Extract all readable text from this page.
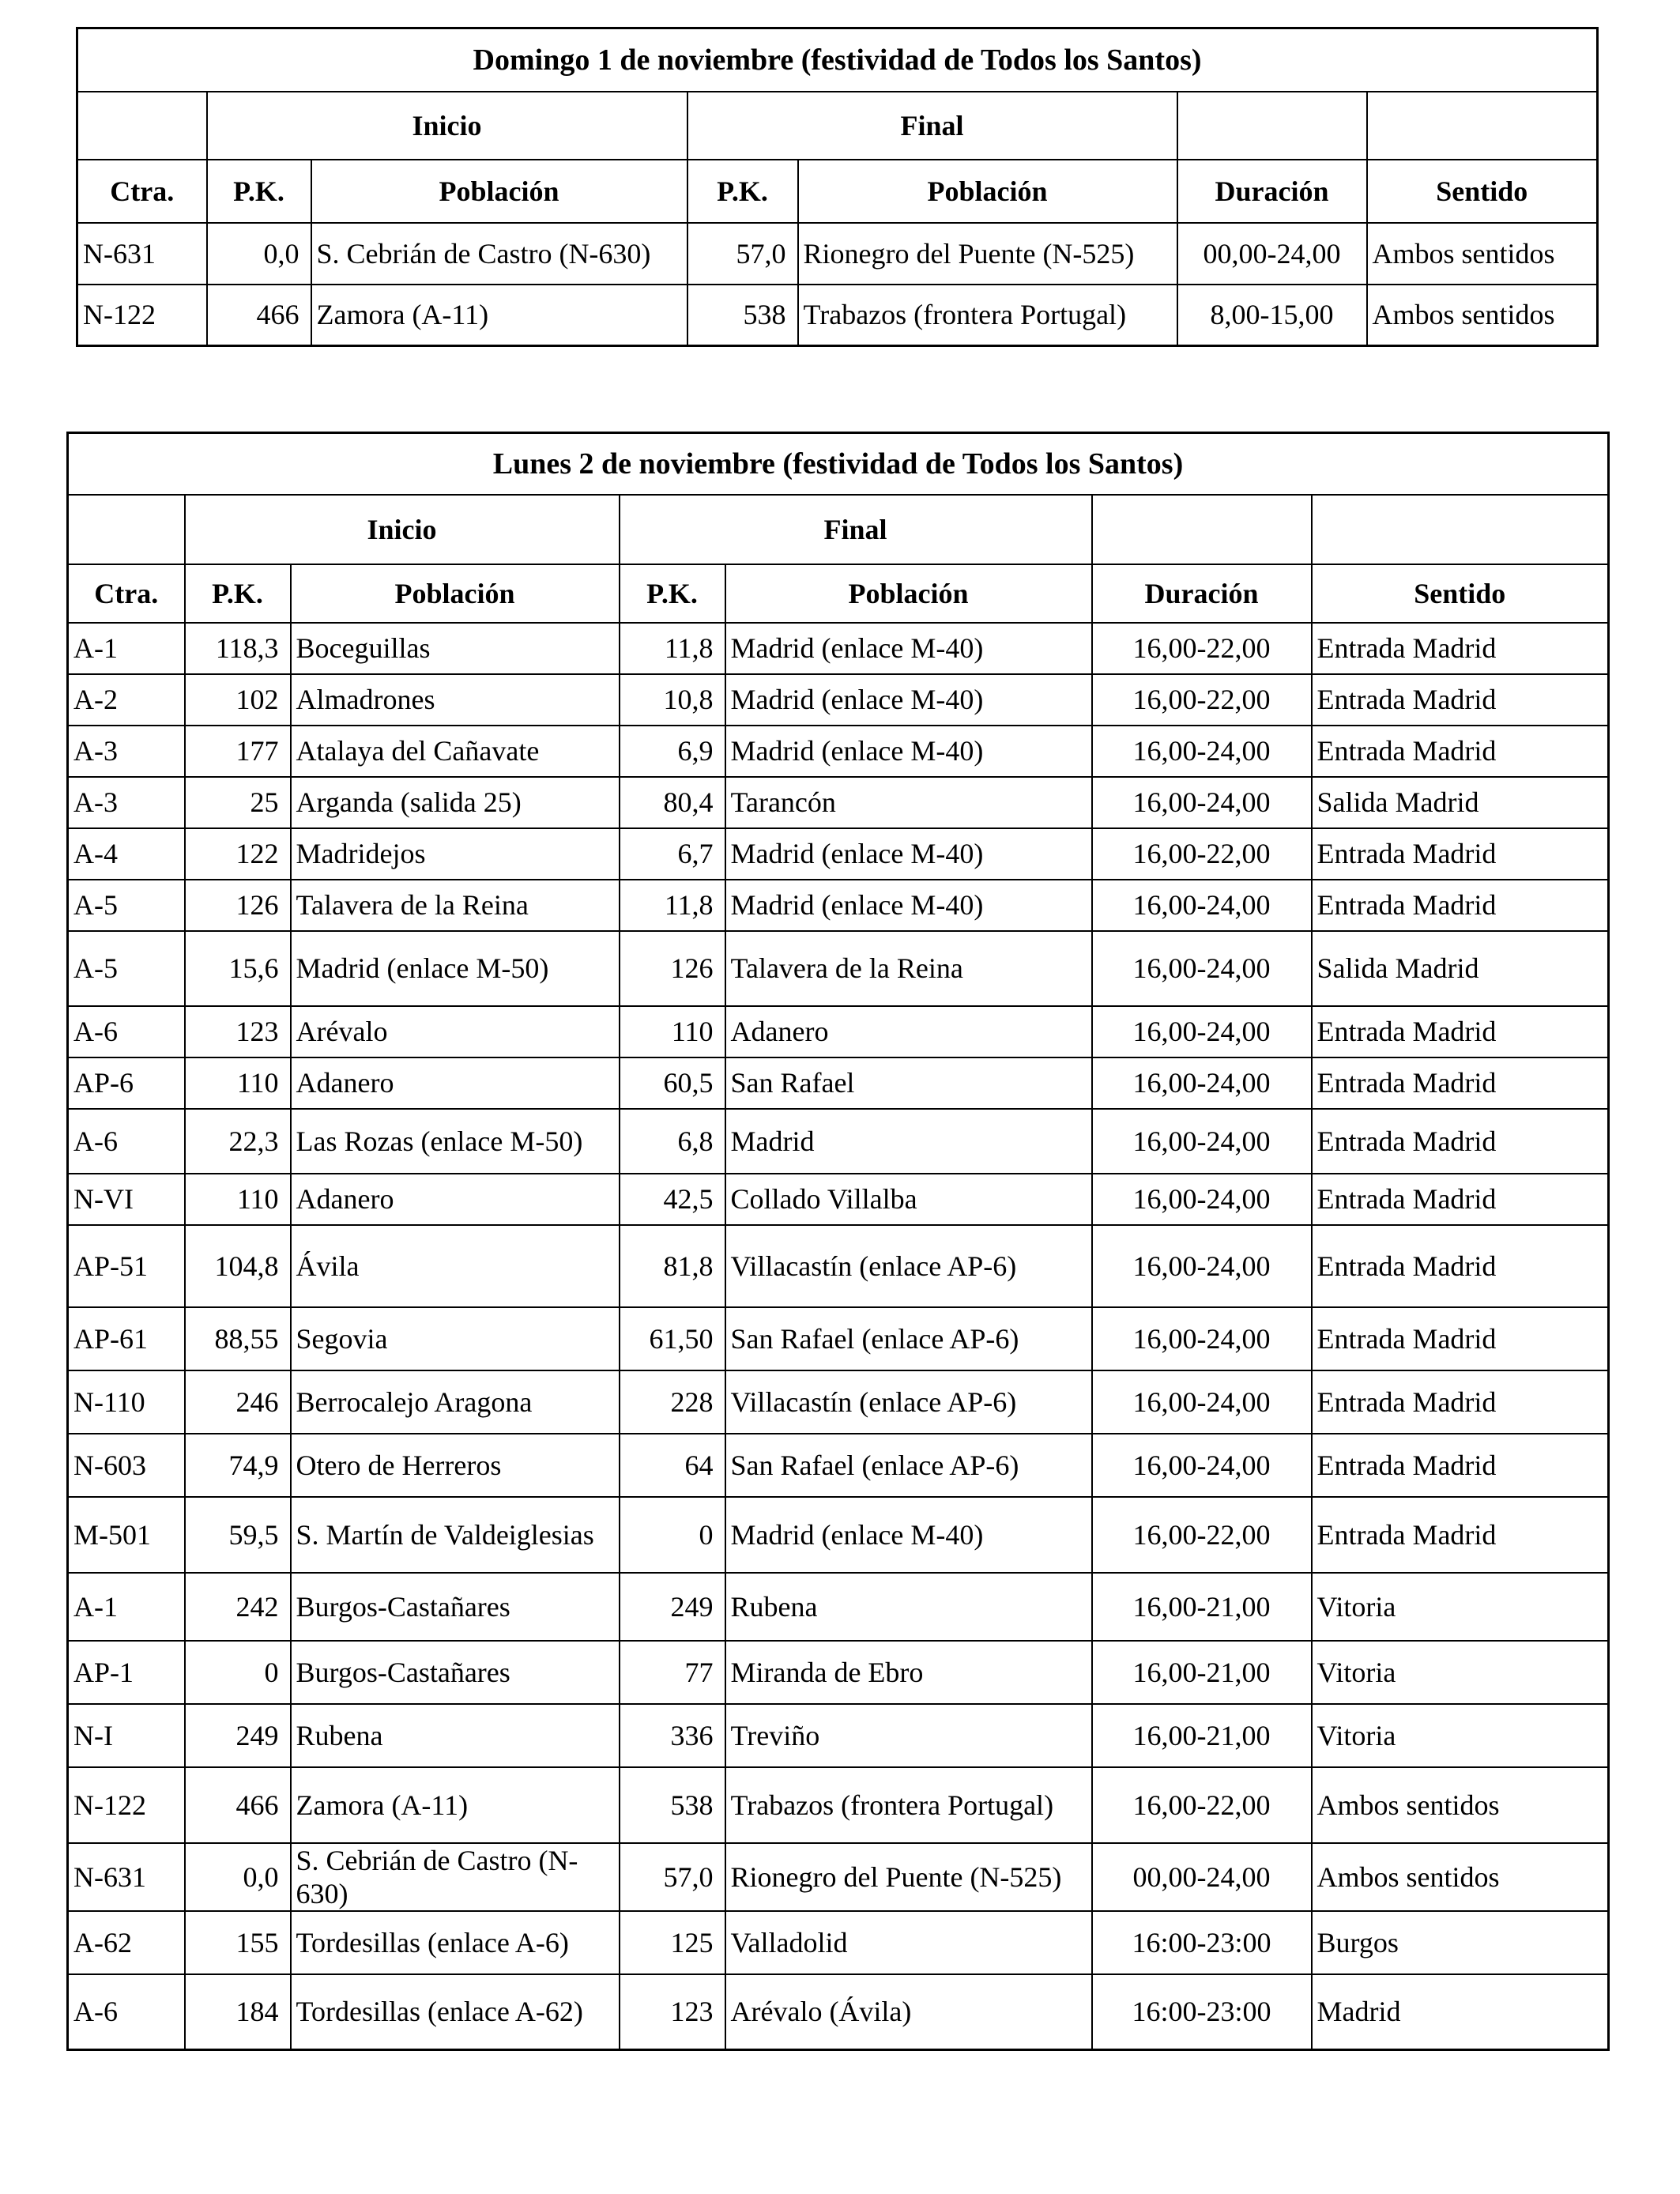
Domingo 1 de noviembre (festividad de Todos los Santos)						
	Inicio		Final			
Ctra.	P.K.	Población	P.K.	Población	Duración	Sentido
N-631	0,0	S. Cebrián de Castro (N-630)	57,0	Rionegro del Puente (N-525)	00,00-24,00	Ambos sentidos
N-122	466	Zamora (A-11)	538	Trabazos (frontera Portugal)	8,00-15,00	Ambos sentidos
Lunes 2 de noviembre (festividad de Todos los Santos)						
	Inicio		Final			
Ctra.	P.K.	Población	P.K.	Población	Duración	Sentido
A-1	118,3	Boceguillas	11,8	Madrid (enlace M-40)	16,00-22,00	Entrada Madrid
A-2	102	Almadrones	10,8	Madrid (enlace M-40)	16,00-22,00	Entrada Madrid
A-3	177	Atalaya del Cañavate	6,9	Madrid (enlace M-40)	16,00-24,00	Entrada Madrid
A-3	25	Arganda (salida 25)	80,4	Tarancón	16,00-24,00	Salida Madrid
A-4	122	Madridejos	6,7	Madrid (enlace M-40)	16,00-22,00	Entrada Madrid
A-5	126	Talavera de la Reina	11,8	Madrid (enlace M-40)	16,00-24,00	Entrada Madrid
A-5	15,6	Madrid (enlace M-50)	126	Talavera de la Reina	16,00-24,00	Salida Madrid
A-6	123	Arévalo	110	Adanero	16,00-24,00	Entrada Madrid
AP-6	110	Adanero	60,5	San Rafael	16,00-24,00	Entrada Madrid
A-6	22,3	Las Rozas (enlace M-50)	6,8	Madrid	16,00-24,00	Entrada Madrid
N-VI	110	Adanero	42,5	Collado Villalba	16,00-24,00	Entrada Madrid
AP-51	104,8	Ávila	81,8	Villacastín (enlace AP-6)	16,00-24,00	Entrada Madrid
AP-61	88,55	Segovia	61,50	San Rafael (enlace AP-6)	16,00-24,00	Entrada Madrid
N-110	246	Berrocalejo Aragona	228	Villacastín (enlace AP-6)	16,00-24,00	Entrada Madrid
N-603	74,9	Otero de Herreros	64	San Rafael (enlace AP-6)	16,00-24,00	Entrada Madrid
M-501	59,5	S. Martín de Valdeiglesias	0	Madrid (enlace M-40)	16,00-22,00	Entrada Madrid
A-1	242	Burgos-Castañares	249	Rubena	16,00-21,00	Vitoria
AP-1	0	Burgos-Castañares	77	Miranda de Ebro	16,00-21,00	Vitoria
N-I	249	Rubena	336	Treviño	16,00-21,00	Vitoria
N-122	466	Zamora (A-11)	538	Trabazos (frontera Portugal)	16,00-22,00	Ambos sentidos
N-631	0,0	S. Cebrián de Castro (N-630)	57,0	Rionegro del Puente (N-525)	00,00-24,00	Ambos sentidos
A-62	155	Tordesillas (enlace A-6)	125	Valladolid	16:00-23:00	Burgos
A-6	184	Tordesillas (enlace A-62)	123	Arévalo (Ávila)	16:00-23:00	Madrid
